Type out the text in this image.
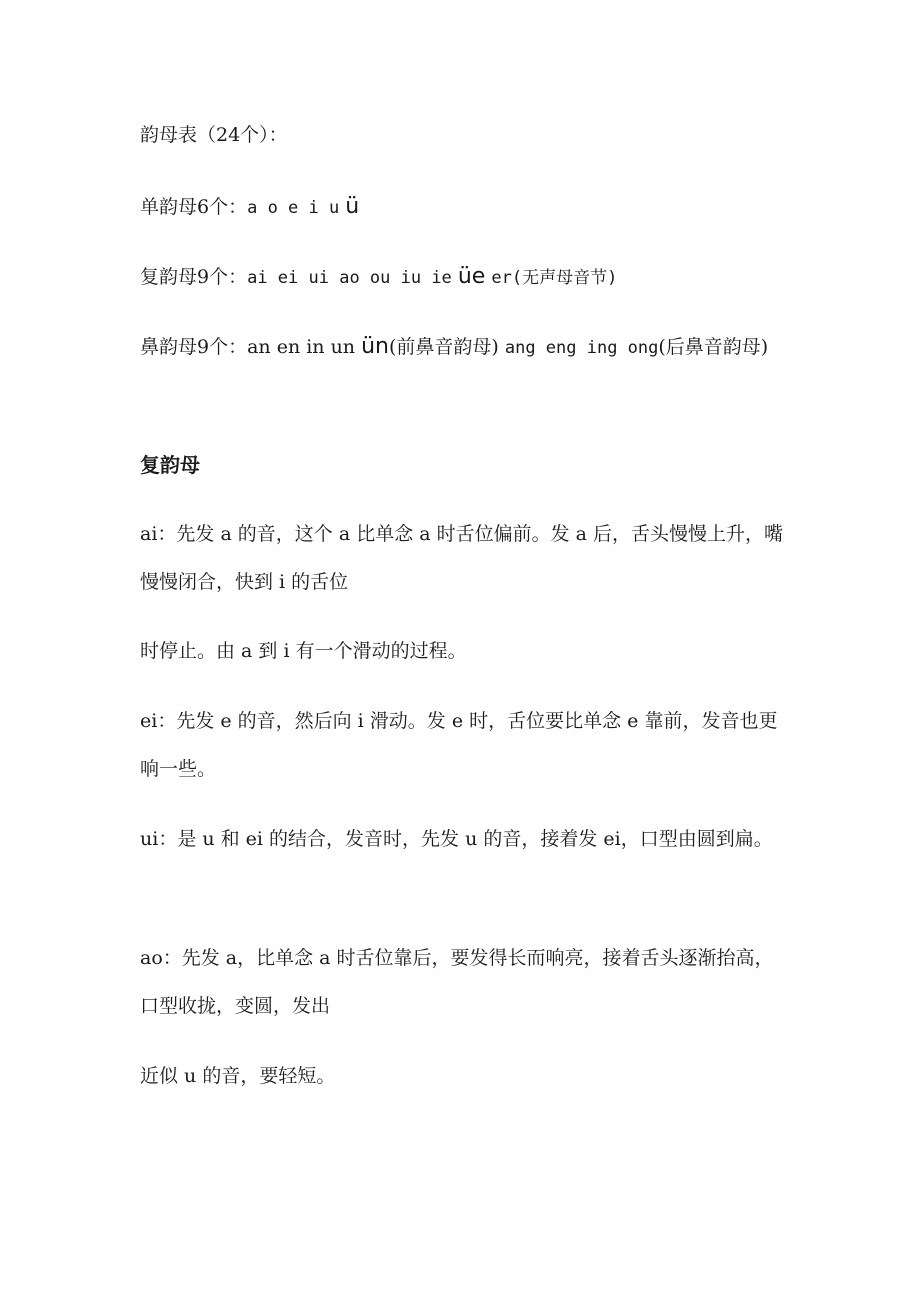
韵母表（24个）：

单韵母6个：a o e i u ü

复韵母9个：ai ei ui ao ou iu ie üe er(无声母音节)

鼻韵母9个：an en in un ün(前鼻音韵母) ang eng ing ong(后鼻音韵母)

复韵母

ai：先发 a 的音，这个 a 比单念 a 时舌位偏前。发 a 后，舌头慢慢上升，嘴慢慢闭合，快到 i 的舌位

时停止。由 a 到 i 有一个滑动的过程。

ei：先发 e 的音，然后向 i 滑动。发 e 时，舌位要比单念 e 靠前，发音也更响一些。

ui：是 u 和 ei 的结合，发音时，先发 u 的音，接着发 ei，口型由圆到扁。

ao：先发 a，比单念 a 时舌位靠后，要发得长而响亮，接着舌头逐渐抬高，口型收拢，变圆，发出

近似 u 的音，要轻短。
